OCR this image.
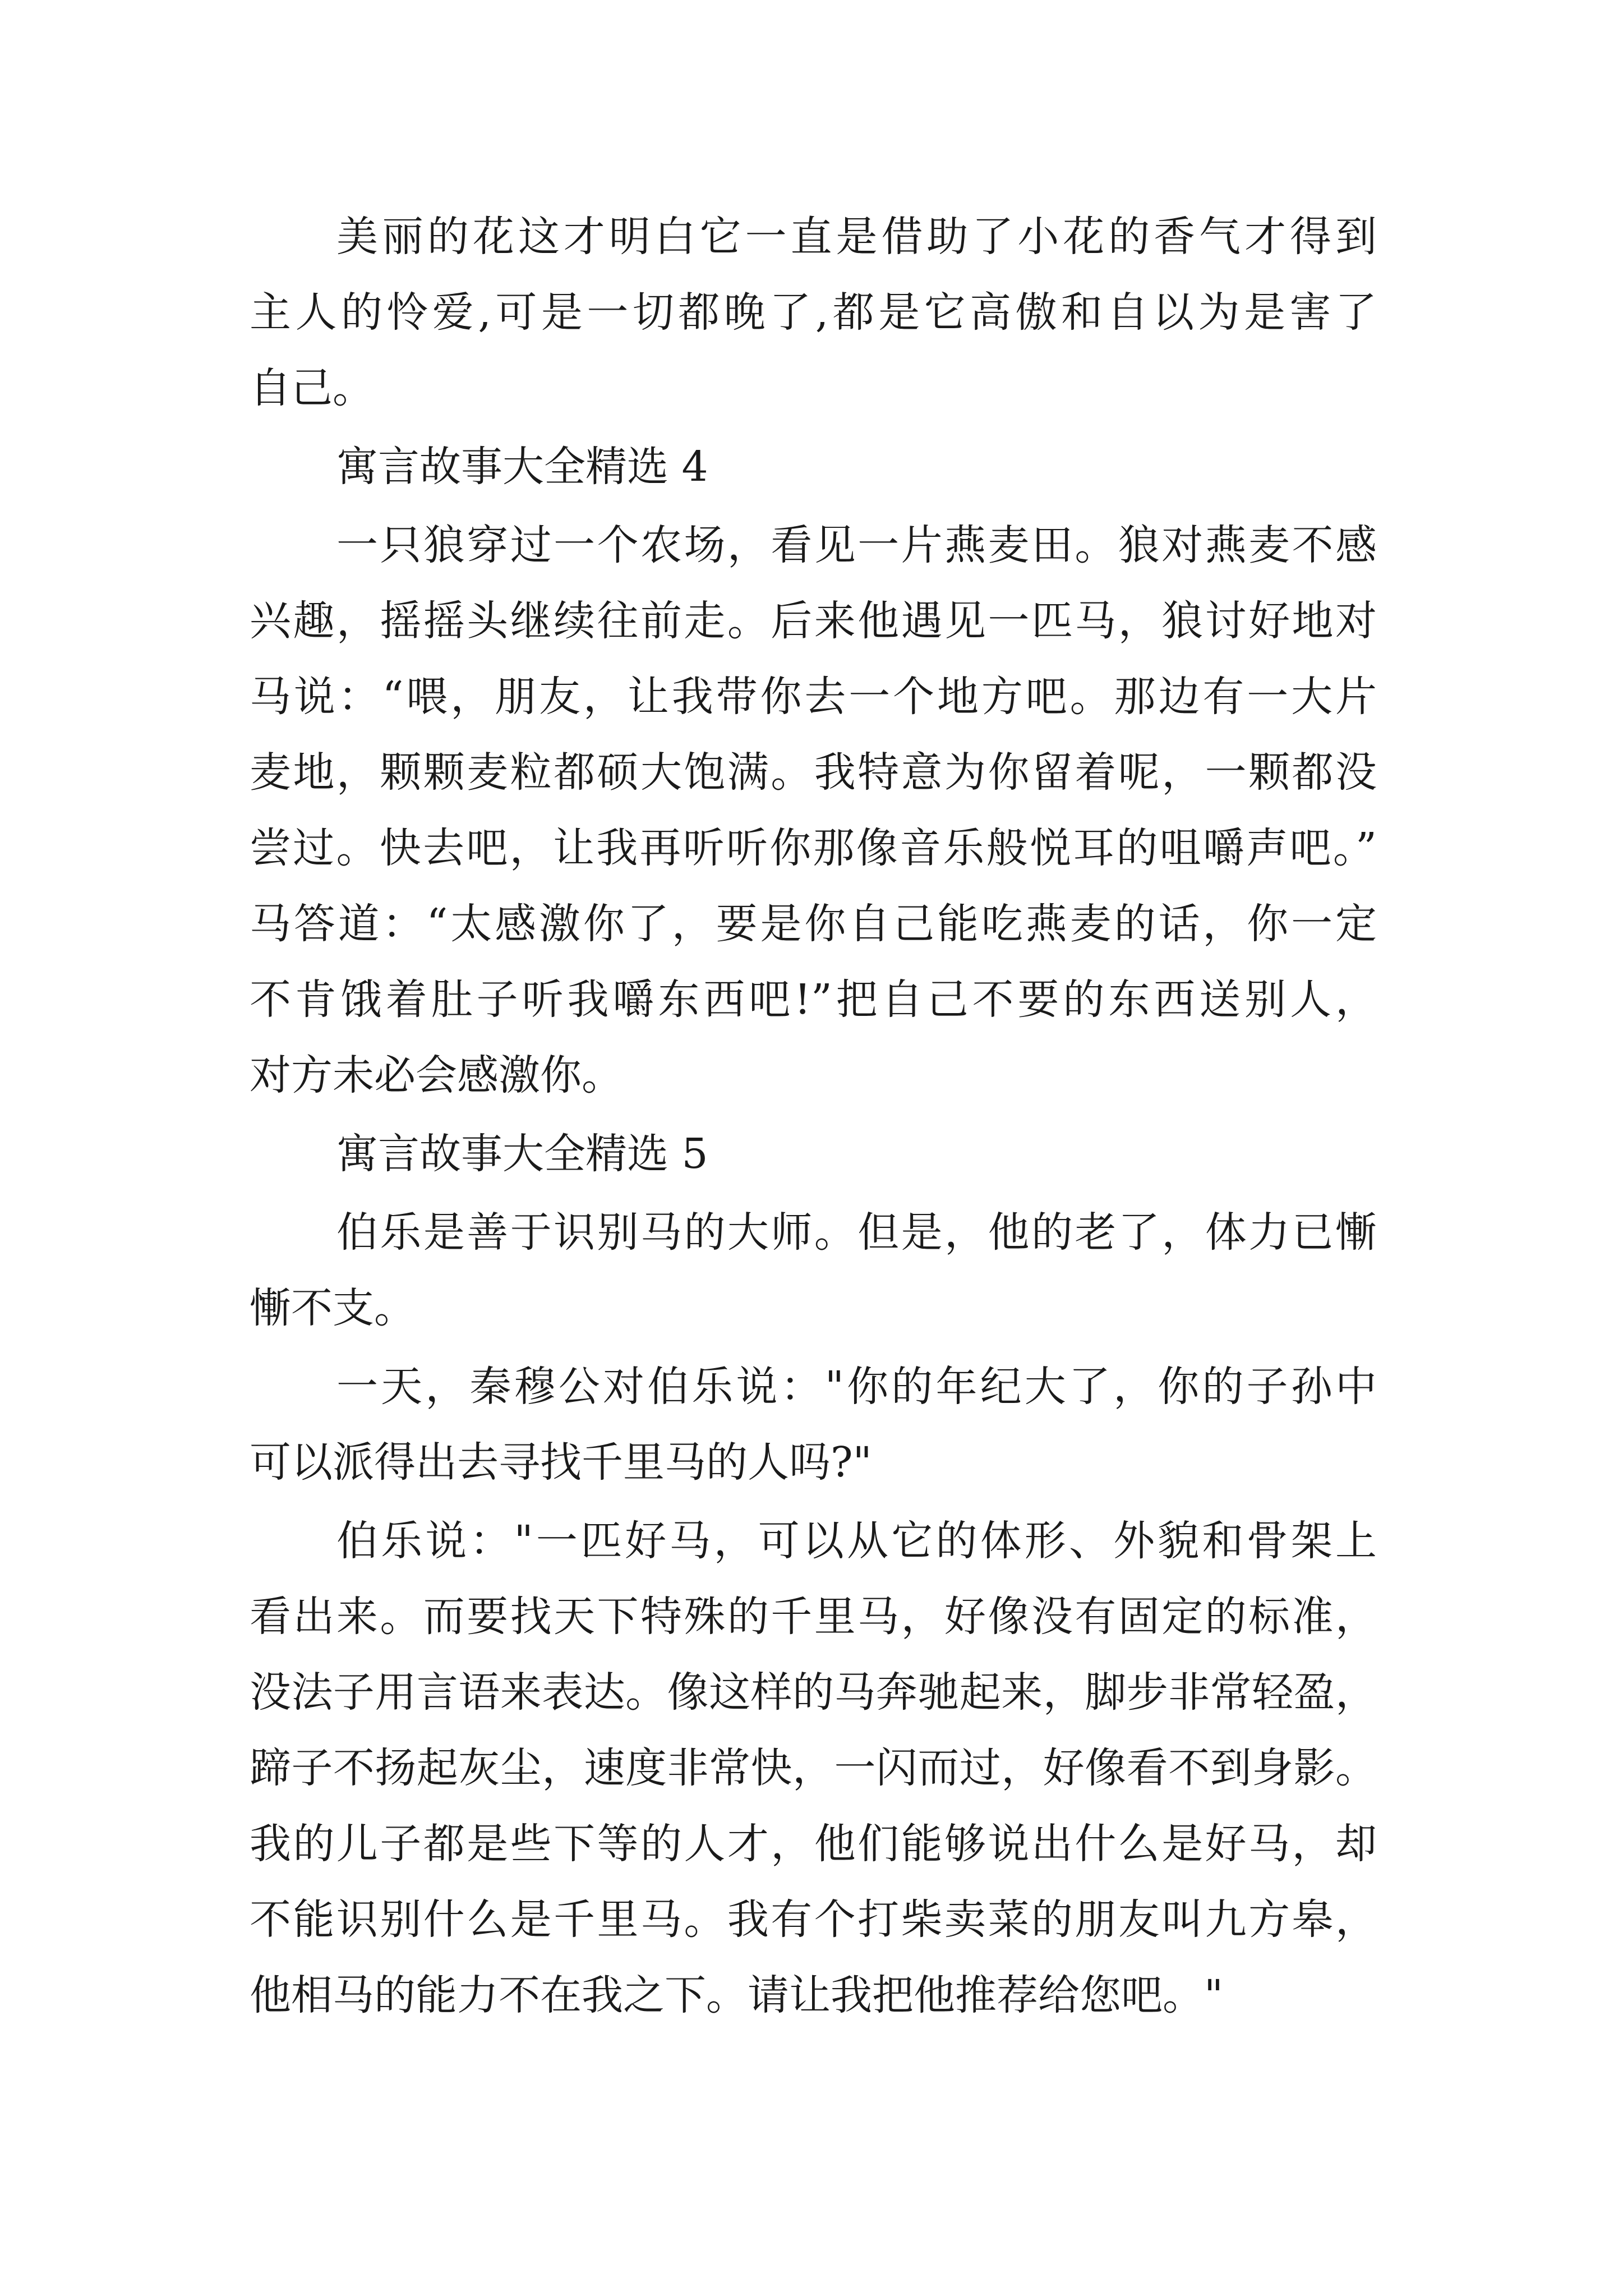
美丽的花这才明白它一直是借助了小花的香气才得到
主人的怜爱,可是一切都晚了,都是它高傲和自以为是害了
自己。
寓言故事大全精选 4
一只狼穿过一个农场，看见一片燕麦田。狼对燕麦不感
兴趣，摇摇头继续往前走。后来他遇见一匹马，狼讨好地对
马说：“喂，朋友，让我带你去一个地方吧。那边有一大片
麦地，颗颗麦粒都硕大饱满。我特意为你留着呢，一颗都没
尝过。快去吧，让我再听听你那像音乐般悦耳的咀嚼声吧。”
马答道：“太感激你了，要是你自己能吃燕麦的话，你一定
不肯饿着肚子听我嚼东西吧!”把自己不要的东西送别人，
对方未必会感激你。
寓言故事大全精选 5
伯乐是善于识别马的大师。但是，他的老了，体力已慚
慚不支。
一天，秦穆公对伯乐说："你的年纪大了，你的子孙中
可以派得出去寻找千里马的人吗?"
伯乐说："一匹好马，可以从它的体形、外貌和骨架上
看出来。而要找天下特殊的千里马，好像没有固定的标准，
没法子用言语来表达。像这样的马奔驰起来，脚步非常轻盈，
蹄子不扬起灰尘，速度非常快，一闪而过，好像看不到身影。
我的儿子都是些下等的人才，他们能够说出什么是好马，却
不能识别什么是千里马。我有个打柴卖菜的朋友叫九方皋，
他相马的能力不在我之下。请让我把他推荐给您吧。"
